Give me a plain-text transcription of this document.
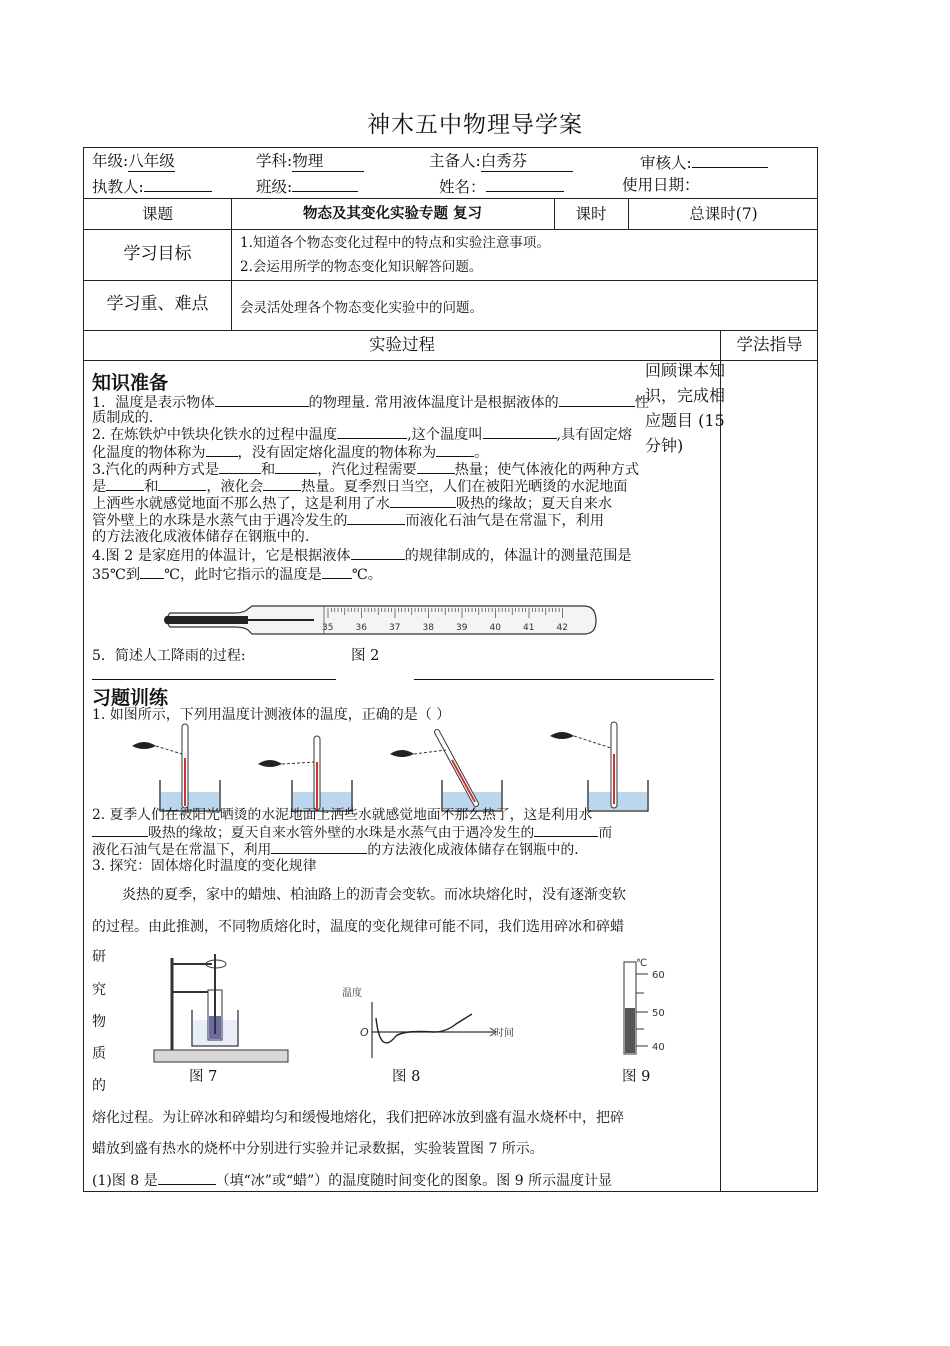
神木五中物理导学案
年级:八年级	学科:物理	主备人:白秀芬	审核人:
执教人:	班级:	姓名：	使用日期：
课题	物态及其变化实验专题 复习	课时	总课时(7)
学习目标
1.知道各个物态变化过程中的特点和实验注意事项。
2.会运用所学的物态变化知识解答问题。
学习重、难点	会灵活处理各个物态变化实验中的问题。
实验过程	学法指导
知识准备

1．温度是表示物体	的物理量. 常用液体温度计是根据液体的	性

质制成的.

2. 在炼铁炉中铁块化铁水的过程中温度	,这个温度叫	,具有固定熔

化温度的物体称为 ，没有固定熔化温度的物体称为	。

3.汽化的两种方式是	和	，汽化过程需要	热量；使气体液化的两种方式

是	和	，液化会	热量。夏季烈日当空，人们在被阳光晒烫的水泥地面

上洒些水就感觉地面不那么热了，这是利用了水	吸热的缘故；夏天自来水

管外壁上的水珠是水蒸气由于遇冷发生的	而液化石油气是在常温下，利用

的方法液化成液体储存在钢瓶中的.

4.图 2 是家庭用的体温计，它是根据液体	的规律制成的，体温计的测量范围是

35℃到 ℃，此时它指示的温度是 ℃。

35 36 37 38 39 40 41 42
5．简述人工降雨的过程:	图 2
习题训练
1. 如图所示，下列用温度计测液体的温度，正确的是（ ）

2. 夏季人们在被阳光晒烫的水泥地面上洒些水就感觉地面不那么热了，这是利用水

吸热的缘故；夏天自来水管外壁的水珠是水蒸气由于遇冷发生的	而

液化石油气是在常温下，利用	的方法液化成液体储存在钢瓶中的.

3. 探究：固体熔化时温度的变化规律

炎热的夏季，家中的蜡烛、柏油路上的沥青会变软。而冰块熔化时，没有逐渐变软
的过程。由此推测，不同物质熔化时，温度的变化规律可能不同，我们选用碎冰和碎蜡
研
究
物
质
的
温度
时间
O
℃
60
50
40
图 7	图 8	图 9
熔化过程。为让碎冰和碎蜡均匀和缓慢地熔化，我们把碎冰放到盛有温水烧杯中，把碎
蜡放到盛有热水的烧杯中分别进行实验并记录数据，实验装置图 7 所示。
(1)图 8 是	（填“冰”或“蜡”）的温度随时间变化的图象。图 9 所示温度计显
回顾课本知识，完成相应题目 (15 分钟)
